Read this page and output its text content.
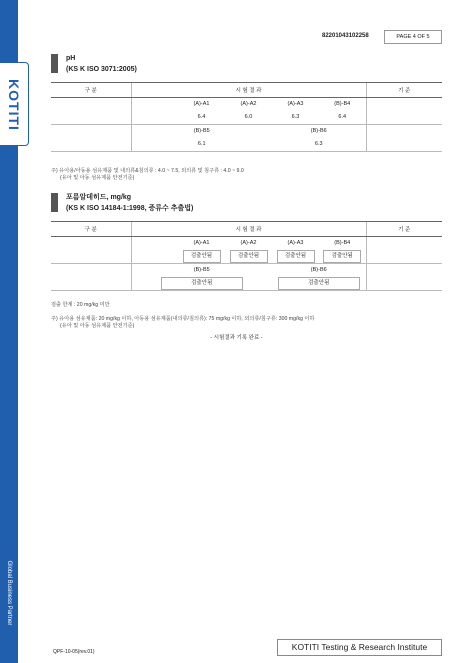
KOTITI
Global Business Partner
82201043102258	PAGE 4 OF 5
pH
(KS K ISO 3071:2005)
구 분	시 험 결 과					기 준
		(A)-A1	(A)-A2	(A)-A3	(B)-B4	
		6.4	6.0	6.3	6.4	
	(B)-B5			(B)-B6		
	6.1			6.3		
주) 유아용/아동용 섬유제품 및 내의류&침의류 : 4.0 ~ 7.5, 외의류 및 침구류 : 4.0 ~ 9.0
(유아 및 아동 섬유제품 안전기준)
포름알데히드, mg/kg
(KS K ISO 14184-1:1998, 증류수 추출법)
구 분	시 험 결 과					기 준
		(A)-A1	(A)-A2	(A)-A3	(B)-B4	
		검출안됨	검출안됨	검출안됨	검출안됨	
	(B)-B5			(B)-B6		
	검출안됨			검출안됨		
검출 한계 : 20 mg/kg 미만
주) 유아용 섬유제품: 20 mg/kg 이하, 아동용 섬유제품(내의류/침의류): 75 mg/kg 이하, 외의류/침구류: 300 mg/kg 이하
(유아 및 아동 섬유제품 안전기준)
- 시험결과 기록 완료 -
QPF-10-05(rev.01)	KOTITI Testing & Research Institute
